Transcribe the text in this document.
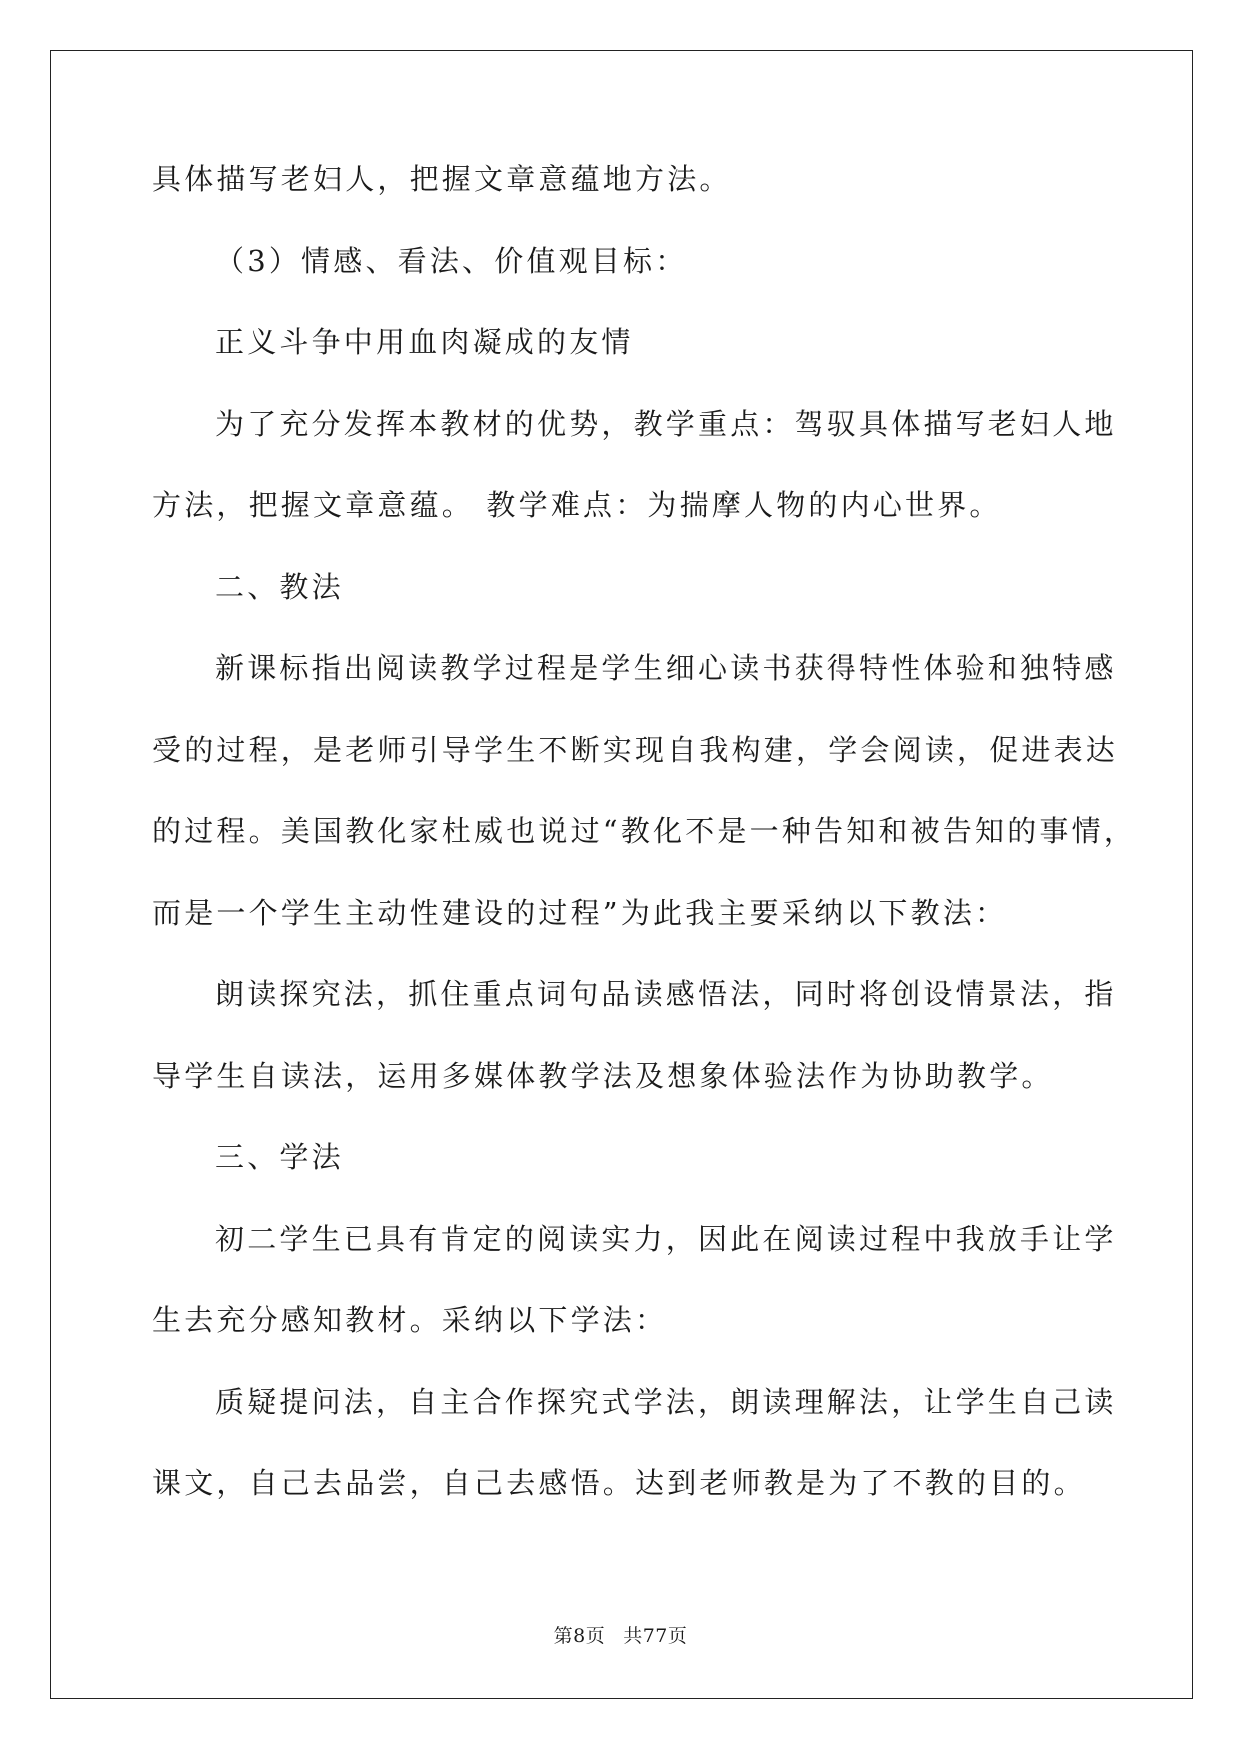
具体描写老妇人，把握文章意蕴地方法。
（3）情感、看法、价值观目标：
正义斗争中用血肉凝成的友情
为了充分发挥本教材的优势，教学重点：驾驭具体描写老妇人地
方法，把握文章意蕴。 教学难点：为揣摩人物的内心世界。
二、教法
新课标指出阅读教学过程是学生细心读书获得特性体验和独特感
受的过程，是老师引导学生不断实现自我构建，学会阅读，促进表达
的过程。美国教化家杜威也说过“教化不是一种告知和被告知的事情，
而是一个学生主动性建设的过程”为此我主要采纳以下教法：
朗读探究法，抓住重点词句品读感悟法，同时将创设情景法，指
导学生自读法，运用多媒体教学法及想象体验法作为协助教学。
三、学法
初二学生已具有肯定的阅读实力，因此在阅读过程中我放手让学
生去充分感知教材。采纳以下学法：
质疑提问法，自主合作探究式学法，朗读理解法，让学生自己读
课文，自己去品尝，自己去感悟。达到老师教是为了不教的目的。
第8页 共77页
